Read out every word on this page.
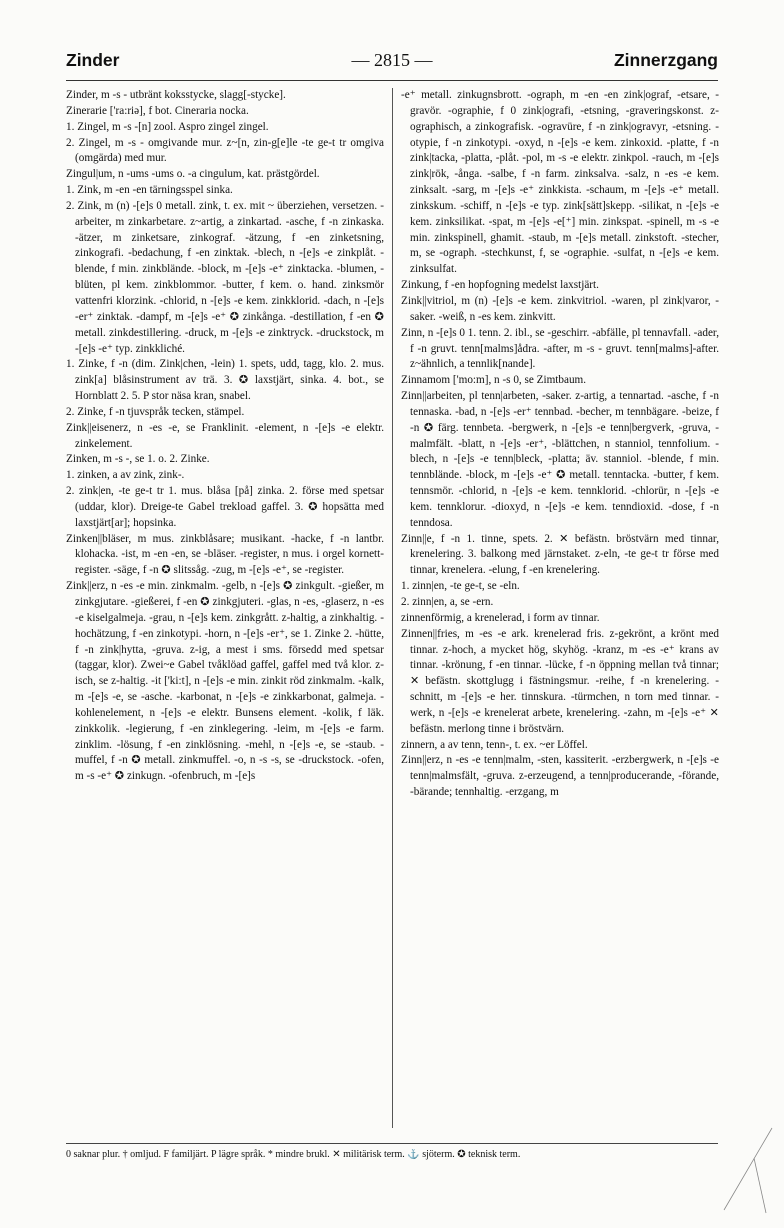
Zinder	— 2815 —	Zinnerzgang

Zinder, m -s - utbränt koksstycke, slagg[-stycke].

Zinerarie ['ra:riə], f bot. Cineraria nocka.

1. Zingel, m -s -[n] zool. Aspro zingel zingel.

2. Zingel, m -s - omgivande mur. z~[n, zin-g[e]le -te ge-t tr omgiva (omgärda) med mur.

Zingul|um, n -ums -ums o. -a cingulum, kat. prästgördel.

1. Zink, m -en -en tärningsspel sinka.

2. Zink, m (n) -[e]s 0 metall. zink, t. ex. mit ~ überziehen, versetzen. -arbeiter, m zinkarbetare. z~artig, a zinkartad. -asche, f -n zinkaska. -ätzer, m zinketsare, zinkograf. -ätzung, f -en zinketsning, zinkografi. -bedachung, f -en zinktak. -blech, n -[e]s -e zinkplåt. -blende, f min. zinkblände. -block, m -[e]s -e⁺ zinktacka. -blumen, -blüten, pl kem. zinkblommor. -butter, f kem. o. hand. zinksmör vattenfri klorzink. -chlorid, n -[e]s -e kem. zinkklorid. -dach, n -[e]s -er⁺ zinktak. -dampf, m -[e]s -e⁺ ✪ zinkånga. -destillation, f -en ✪ metall. zinkdestillering. -druck, m -[e]s -e zinktryck. -druckstock, m -[e]s -e⁺ typ. zinkkliché.

1. Zinke, f -n (dim. Zink|chen, -lein) 1. spets, udd, tagg, klo. 2. mus. zink[a] blåsinstrument av trä. 3. ✪ laxstjärt, sinka. 4. bot., se Hornblatt 2. 5. P stor näsa kran, snabel.

2. Zinke, f -n tjuvspråk tecken, stämpel.

Zink||eisenerz, n -es -e, se Franklinit. -element, n -[e]s -e elektr. zinkelement.

Zinken, m -s -, se 1. o. 2. Zinke.

1. zinken, a av zink, zink-.

2. zink|en, -te ge-t tr 1. mus. blåsa [på] zinka. 2. förse med spetsar (uddar, klor). Dreige-te Gabel trekload gaffel. 3. ✪ hopsätta med laxstjärt[ar]; hopsinka.

Zinken||bläser, m mus. zinkblåsare; musikant. -hacke, f -n lantbr. klohacka. -ist, m -en -en, se -bläser. -register, n mus. i orgel kornett-register. -säge, f -n ✪ slitssåg. -zug, m -[e]s -e⁺, se -register.

Zink||erz, n -es -e min. zinkmalm. -gelb, n -[e]s ✪ zinkgult. -gießer, m zinkgjutare. -gießerei, f -en ✪ zinkgjuteri. -glas, n -es, -glaserz, n -es -e kiselgalmeja. -grau, n -[e]s kem. zinkgrått. z-haltig, a zinkhaltig. -hochätzung, f -en zinkotypi. -horn, n -[e]s -er⁺, se 1. Zinke 2. -hütte, f -n zink|hytta, -gruva. z-ig, a mest i sms. försedd med spetsar (taggar, klor). Zwei~e Gabel tvåklöad gaffel, gaffel med två klor. z-isch, se z-haltig. -it ['ki:t], n -[e]s -e min. zinkit röd zinkmalm. -kalk, m -[e]s -e, se -asche. -karbonat, n -[e]s -e zinkkarbonat, galmeja. -kohlenelement, n -[e]s -e elektr. Bunsens element. -kolik, f läk. zinkkolik. -legierung, f -en zinklegering. -leim, m -[e]s -e farm. zinklim. -lösung, f -en zinklösning. -mehl, n -[e]s -e, se -staub. -muffel, f -n ✪ metall. zinkmuffel. -o, n -s -s, se -druckstock. -ofen, m -s -e⁺ ✪ zinkugn. -ofenbruch, m -[e]s

-e⁺ metall. zinkugnsbrott. -ograph, m -en -en zink|ograf, -etsare, -gravör. -ographie, f 0 zink|ografi, -etsning, -graveringskonst. z-ographisch, a zinkografisk. -ogravüre, f -n zink|ogravyr, -etsning. -otypie, f -n zinkotypi. -oxyd, n -[e]s -e kem. zinkoxid. -platte, f -n zink|tacka, -platta, -plåt. -pol, m -s -e elektr. zinkpol. -rauch, m -[e]s zink|rök, -ånga. -salbe, f -n farm. zinksalva. -salz, n -es -e kem. zinksalt. -sarg, m -[e]s -e⁺ zinkkista. -schaum, m -[e]s -e⁺ metall. zinkskum. -schiff, n -[e]s -e typ. zink[sätt]skepp. -silikat, n -[e]s -e kem. zinksilikat. -spat, m -[e]s -e[⁺] min. zinkspat. -spinell, m -s -e min. zinkspinell, ghamit. -staub, m -[e]s metall. zinkstoft. -stecher, m, se -ograph. -stechkunst, f, se -ographie. -sulfat, n -[e]s -e kem. zinksulfat.

Zinkung, f -en hopfogning medelst laxstjärt.

Zink||vitriol, m (n) -[e]s -e kem. zinkvitriol. -waren, pl zink|varor, -saker. -weiß, n -es kem. zinkvitt.

Zinn, n -[e]s 0 1. tenn. 2. ibl., se -geschirr. -abfälle, pl tennavfall. -ader, f -n gruvt. tenn[malms]ådra. -after, m -s - gruvt. tenn[malms]-after. z~ähnlich, a tennlik[nande].

Zinnamom ['mo:m], n -s 0, se Zimtbaum.

Zinn||arbeiten, pl tenn|arbeten, -saker. z-artig, a tennartad. -asche, f -n tennaska. -bad, n -[e]s -er⁺ tennbad. -becher, m tennbägare. -beize, f -n ✪ färg. tennbeta. -bergwerk, n -[e]s -e tenn|bergverk, -gruva, -malmfält. -blatt, n -[e]s -er⁺, -blättchen, n stanniol, tennfolium. -blech, n -[e]s -e tenn|bleck, -platta; äv. stanniol. -blende, f min. tennblände. -block, m -[e]s -e⁺ ✪ metall. tenntacka. -butter, f kem. tennsmör. -chlorid, n -[e]s -e kem. tennklorid. -chlorür, n -[e]s -e kem. tennklorur. -dioxyd, n -[e]s -e kem. tenndioxid. -dose, f -n tenndosa.

Zinn||e, f -n 1. tinne, spets. 2. ✕ befästn. bröstvärn med tinnar, krenelering. 3. balkong med järnstaket. z-eln, -te ge-t tr förse med tinnar, krenelera. -elung, f -en krenelering.

1. zinn|en, -te ge-t, se -eln.

2. zinn|en, a, se -ern.

zinnenförmig, a krenelerad, i form av tinnar.

Zinnen||fries, m -es -e ark. krenelerad fris. z-gekrönt, a krönt med tinnar. z-hoch, a mycket hög, skyhög. -kranz, m -es -e⁺ krans av tinnar. -krönung, f -en tinnar. -lücke, f -n öppning mellan två tinnar; ✕ befästn. skottglugg i fästningsmur. -reihe, f -n krenelering. -schnitt, m -[e]s -e her. tinnskura. -türmchen, n torn med tinnar. -werk, n -[e]s -e krenelerat arbete, krenelering. -zahn, m -[e]s -e⁺ ✕ befästn. merlong tinne i bröstvärn.

zinnern, a av tenn, tenn-, t. ex. ~er Löffel.

Zinn||erz, n -es -e tenn|malm, -sten, kassiterit. -erzbergwerk, n -[e]s -e tenn|malmsfält, -gruva. z-erzeugend, a tenn|producerande, -förande, -bärande; tennhaltig. -erzgang, m

0 saknar plur. † omljud. F familjärt. P lägre språk. * mindre brukl. ✕ militärisk term. ⚓ sjöterm. ✪ teknisk term.
